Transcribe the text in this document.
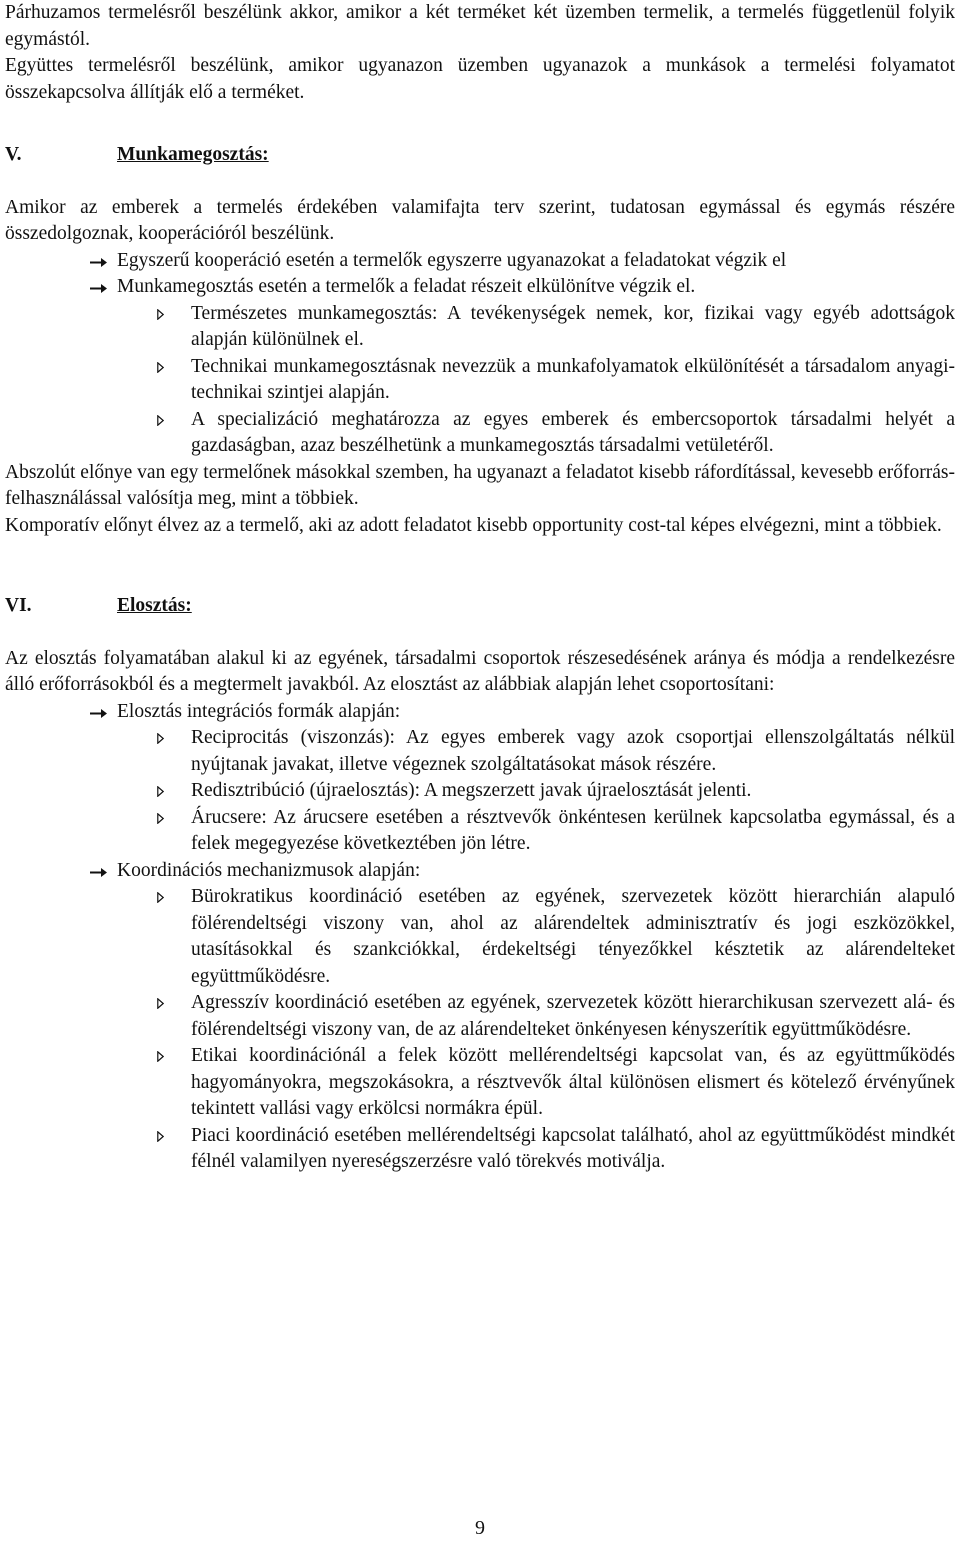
Párhuzamos termelésről beszélünk akkor, amikor a két terméket két üzemben termelik, a termelés függetlenül folyik egymástól.

Együttes termelésről beszélünk, amikor ugyanazon üzemben ugyanazok a munkások a termelési folyamatot összekapcsolva állítják elő a terméket.

V.	Munkamegosztás:

Amikor az emberek a termelés érdekében valamifajta terv szerint, tudatosan egymással és egymás részére összedolgoznak, kooperációról beszélünk.

Egyszerű kooperáció esetén a termelők egyszerre ugyanazokat a feladatokat végzik el
Munkamegosztás esetén a termelők a feladat részeit elkülönítve végzik el.
Természetes munkamegosztás: A tevékenységek nemek, kor, fizikai vagy egyéb adottságok alapján különülnek el.
Technikai munkamegosztásnak nevezzük a munkafolyamatok elkülönítését a társadalom anyagi-technikai szintjei alapján.
A specializáció meghatározza az egyes emberek és embercsoportok társadalmi helyét a gazdaságban, azaz beszélhetünk a munkamegosztás társadalmi vetületéről.

Abszolút előnye van egy termelőnek másokkal szemben, ha ugyanazt a feladatot kisebb ráfordítással, kevesebb erőforrás-felhasználással valósítja meg, mint a többiek.

Komporatív előnyt élvez az a termelő, aki az adott feladatot kisebb opportunity cost-tal képes elvégezni, mint a többiek.

VI.	Elosztás:

Az elosztás folyamatában alakul ki az egyének, társadalmi csoportok részesedésének aránya és módja a rendelkezésre álló erőforrásokból és a megtermelt javakból. Az elosztást az alábbiak alapján lehet csoportosítani:

Elosztás integrációs formák alapján:
Reciprocitás (viszonzás): Az egyes emberek vagy azok csoportjai ellenszolgáltatás nélkül nyújtanak javakat, illetve végeznek szolgáltatásokat mások részére.
Redisztribúció (újraelosztás): A megszerzett javak újraelosztását jelenti.
Árucsere: Az árucsere esetében a résztvevők önkéntesen kerülnek kapcsolatba egymással, és a felek megegyezése következtében jön létre.
Koordinációs mechanizmusok alapján:
Bürokratikus koordináció esetében az egyének, szervezetek között hierarchián alapuló fölérendeltségi viszony van, ahol az alárendeltek adminisztratív és jogi eszközökkel, utasításokkal és szankciókkal, érdekeltségi tényezőkkel késztetik az alárendelteket együttműködésre.
Agresszív koordináció esetében az egyének, szervezetek között hierarchikusan szervezett alá- és fölérendeltségi viszony van, de az alárendelteket önkényesen kényszerítik együttműködésre.
Etikai koordinációnál a felek között mellérendeltségi kapcsolat van, és az együttműködés hagyományokra, megszokásokra, a résztvevők által különösen elismert és kötelező érvényűnek tekintett vallási vagy erkölcsi normákra épül.
Piaci koordináció esetében mellérendeltségi kapcsolat található, ahol az együttműködést mindkét félnél valamilyen nyereségszerzésre való törekvés motiválja.
9
